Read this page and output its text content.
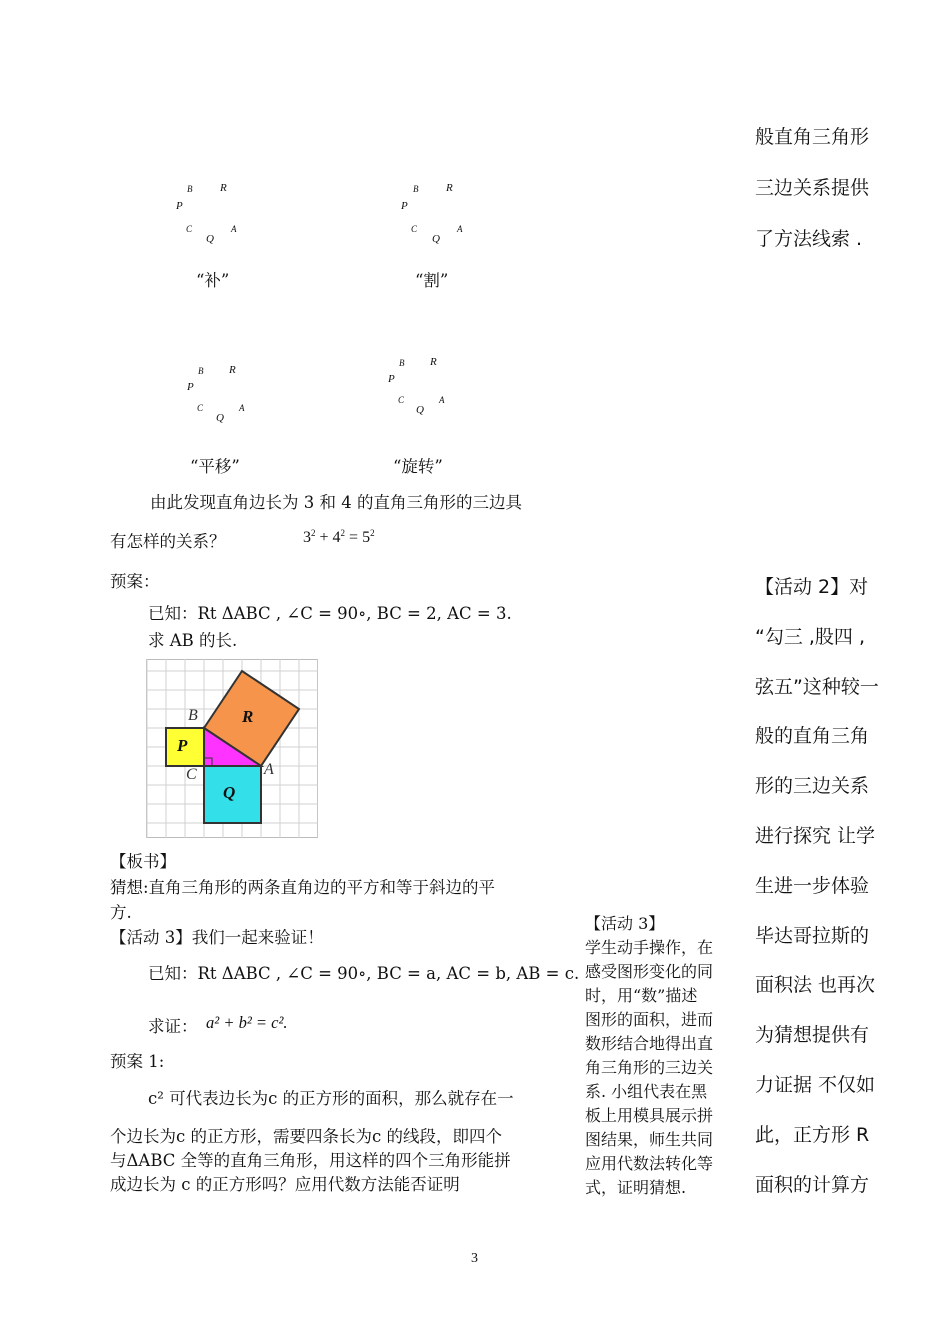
B	R
P
C	A
Q
“补”
B	R
P
C	A
Q
“割”
B R
P
C	A
Q
“平移”
B R
P
C	A
Q
“旋转”
由此发现直角边长为 3 和 4 的直角三角形的三边具
有怎样的关系？	$3^2 + 4^2 = 5^2$
预案：
已知：Rt ΔABC , ∠C = 90∘, BC = 2, AC = 3.
求 AB 的长.
B	R
P
C	A
Q
【板书】
猜想:直角三角形的两条直角边的平方和等于斜边的平
方.
【活动 3】我们一起来验证！
已知：Rt ΔABC , ∠C = 90∘, BC = a, AC = b, AB = c.
求证： a² + b² = c².
预案 1:
c² 可代表边长为c 的正方形的面积，那么就存在一
个边长为c 的正方形，需要四条长为c 的线段，即四个
与ΔABC 全等的直角三角形，用这样的四个三角形能拼
成边长为 c 的正方形吗？应用代数方法能否证明
【活动 3】
学生动手操作，在
感受图形变化的同
时，用“数”描述
图形的面积，进而
数形结合地得出直
角三角形的三边关
系. 小组代表在黑
板上用模具展示拼
图结果，师生共同
应用代数法转化等
式，证明猜想.
般直角三角形
三边关系提供
了方法线索 .
【活动 2】对
“勾三 ,股四 ,
弦五”这种较一
般的直角三角
形的三边关系
进行探究 让学
生进一步体验
毕达哥拉斯的
面积法 也再次
为猜想提供有
力证据 不仅如
此，正方形 R
面积的计算方
3
